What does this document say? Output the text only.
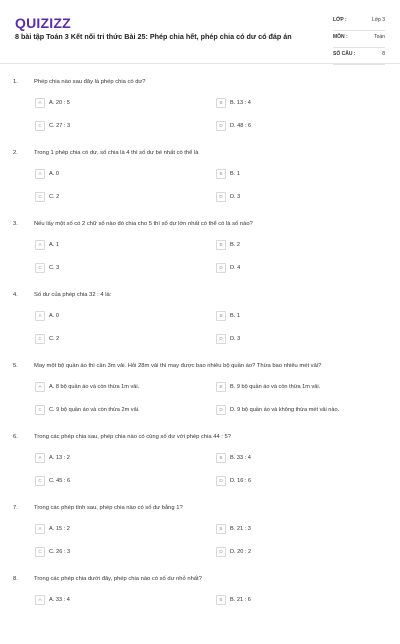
QUIZIZZ
8 bài tập Toán 3 Kết nối tri thức Bài 25: Phép chia hết, phép chia có dư có đáp án
LỚP :	Lớp 3
MÔN :	Toán
SỐ CÂU :	8
1.	Phép chia nào sau đây là phép chia có dư?
A A. 20 : 5	B B. 13 : 4
C C. 27 : 3	D D. 48 : 6
2.	Trong 1 phép chia có dư, số chia là 4 thì số dư bé nhất có thể là
A A. 0	B B. 1
C C. 2	D D. 3
3.	Nếu lấy một số có 2 chữ số nào đó chia cho 5 thì số dư lớn nhất có thể có là số nào?
A A. 1	B B. 2
C C. 3	D D. 4
4.	Số dư của phép chia 32 : 4 là:
A A. 0	B B. 1
C C. 2	D D. 3
5.	May một bộ quần áo thì cần 3m vải. Hỏi 28m vải thì may được bao nhiêu bộ quần áo? Thừa bao nhiêu mét vải?
A A. 8 bộ quần áo và còn thừa 1m vải.	B B. 9 bộ quần áo và còn thừa 1m vải.
C C. 9 bộ quần áo và còn thừa 2m vải.	D D. 9 bộ quần áo và không thừa mét vải nào.
6.	Trong các phép chia sau, phép chia nào có cùng số dư với phép chia 44 : 5?
A A. 13 : 2	B B. 33 : 4
C C. 45 : 6	D D. 16 : 6
7.	Trong các phép tính sau, phép chia nào có số dư bằng 1?
A A. 15 : 2	B B. 21 : 3
C C. 26 : 3	D D. 20 : 2
8.	Trong các phép chia dưới đây, phép chia nào có số dư nhỏ nhất?
A A. 33 : 4	B B. 21 : 6
